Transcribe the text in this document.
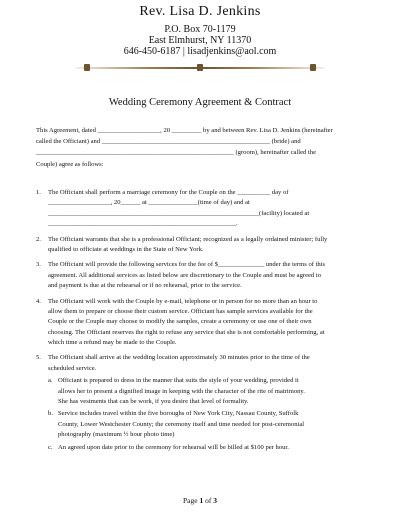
Rev. Lisa D. Jenkins
P.O. Box 70-1179
East Elmhurst, NY 11370
646-450-6187 | lisadjenkins@aol.com
Wedding Ceremony Agreement & Contract
This Agreement, dated ___________________, 20 _________ by and between Rev. Lisa D. Jenkins (hereinafter
called the Officiant) and ___________________________________________________ (bride) and
____________________________________________________________ (groom), hereinafter called the
Couple) agree as follows:
1. The Officiant shall perform a marriage ceremony for the Couple on the __________ day of
___________________, 20______ at _______________(time of day) and at
________________________________________________________________(facility) located at
_________________________________________________________.
2. The Officiant warrants that she is a professional Officiant; recognized as a legally ordained minister; fully
qualified to officiate at weddings in the State of New York.
3. The Officiant will provide the following services for the fee of $______________ under the terms of this
agreement. All additional services as listed below are discretionary to the Couple and must be agreed to
and payment is due at the rehearsal or if no rehearsal, prior to the service.
4. The Officiant will work with the Couple by e-mail, telephone or in person for no more than an hour to
allow them to prepare or choose their custom service. Officiant has sample services available for the
Couple or the Couple may choose to modify the samples, create a ceremony or use one of their own
choosing. The Officiant reserves the right to refuse any service that she is not comfortable performing, at
which time a refund may be made to the Couple.
5. The Officiant shall arrive at the wedding location approximately 30 minutes prior to the time of the
scheduled service.
a. Officiant is prepared to dress in the manner that suits the style of your wedding, provided it
allows her to present a dignified image in keeping with the character of the rite of matrimony.
She has vestments that can be work, if you desire that level of formality.
b. Service includes travel within the five boroughs of New York City, Nassau County, Suffolk
County, Lower Westchester County; the ceremony itself and time needed for post-ceremonial
photography (maximum ½ hour photo time)
c. An agreed upon date prior to the ceremony for rehearsal will be billed at $100 per hour.
Page 1 of 3
